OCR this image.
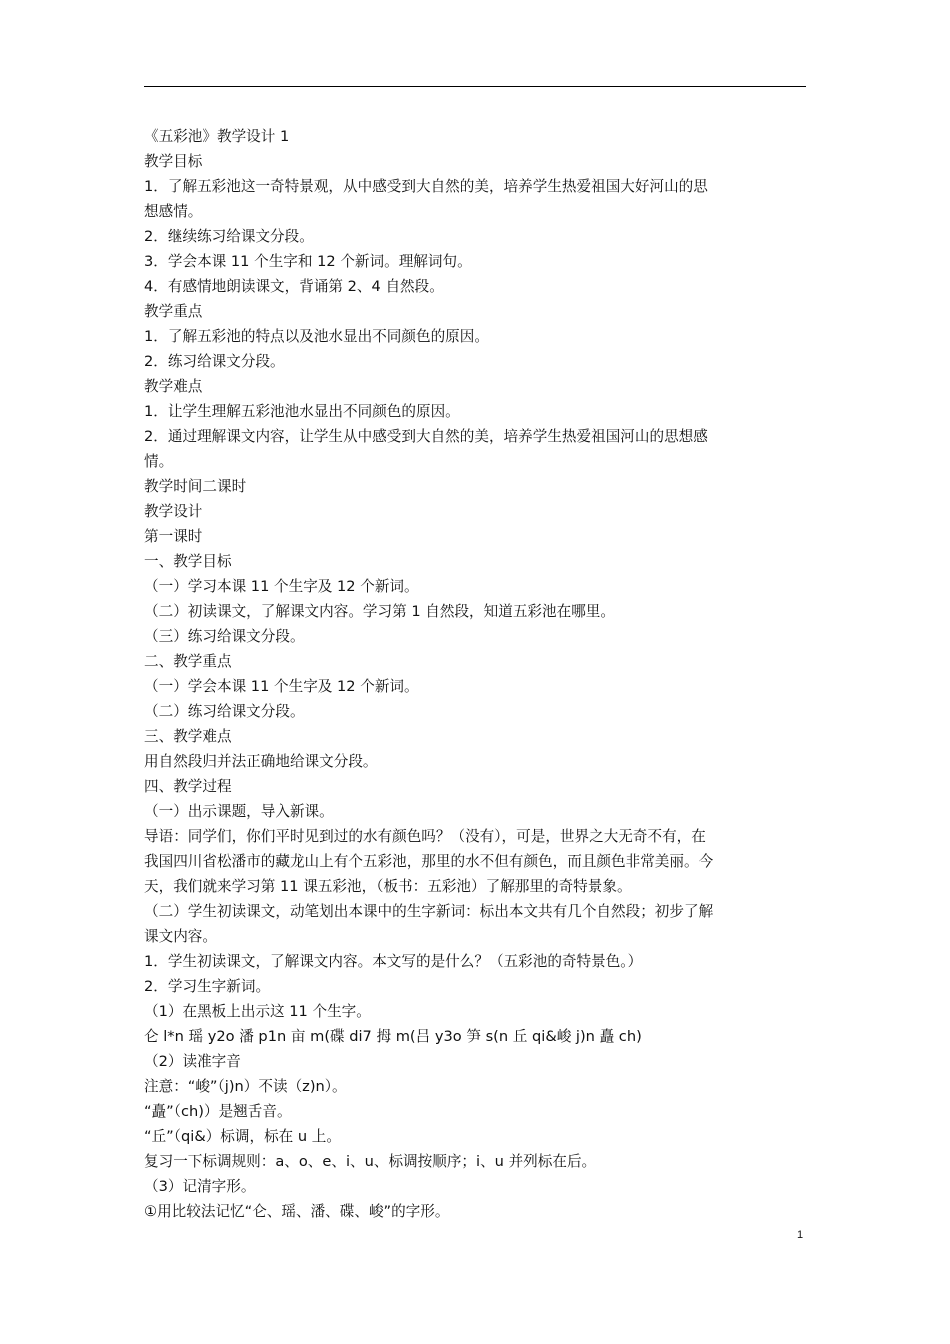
《五彩池》教学设计 1
教学目标
1．了解五彩池这一奇特景观，从中感受到大自然的美，培养学生热爱祖国大好河山的思
想感情。
2．继续练习给课文分段。
3．学会本课 11 个生字和 12 个新词。理解词句。
4．有感情地朗读课文，背诵第 2、4 自然段。
教学重点
1．了解五彩池的特点以及池水显出不同颜色的原因。
2．练习给课文分段。
教学难点
1．让学生理解五彩池池水显出不同颜色的原因。
2．通过理解课文内容，让学生从中感受到大自然的美，培养学生热爱祖国河山的思想感
情。
教学时间二课时
教学设计
第一课时
一、教学目标
（一）学习本课 11 个生字及 12 个新词。
（二）初读课文，了解课文内容。学习第 1 自然段，知道五彩池在哪里。
（三）练习给课文分段。
二、教学重点
（一）学会本课 11 个生字及 12 个新词。
（二）练习给课文分段。
三、教学难点
用自然段归并法正确地给课文分段。
四、教学过程
（一）出示课题，导入新课。
导语：同学们，你们平时见到过的水有颜色吗？（没有），可是，世界之大无奇不有，在
我国四川省松潘市的藏龙山上有个五彩池，那里的水不但有颜色，而且颜色非常美丽。今
天，我们就来学习第 11 课五彩池，（板书：五彩池）了解那里的奇特景象。
（二）学生初读课文，动笔划出本课中的生字新词：标出本文共有几个自然段；初步了解
课文内容。
1．学生初读课文，了解课文内容。本文写的是什么？（五彩池的奇特景色。）
2．学习生字新词。
（1）在黑板上出示这 11 个生字。
仑 l*n 瑶 y2o 潘 p1n 亩 m(碟 di7 拇 m(吕 y3o 笋 s(n 丘 qi&峻 j)n 矗 ch)
（2）读准字音
注意：“峻”（j)n）不读（z)n）。
“矗”（ch)）是翘舌音。
“丘”（qi&）标调，标在 u 上。
复习一下标调规则：a、o、e、i、u、标调按顺序；i、u 并列标在后。
（3）记清字形。
①用比较法记忆“仑、瑶、潘、碟、峻”的字形。
1
